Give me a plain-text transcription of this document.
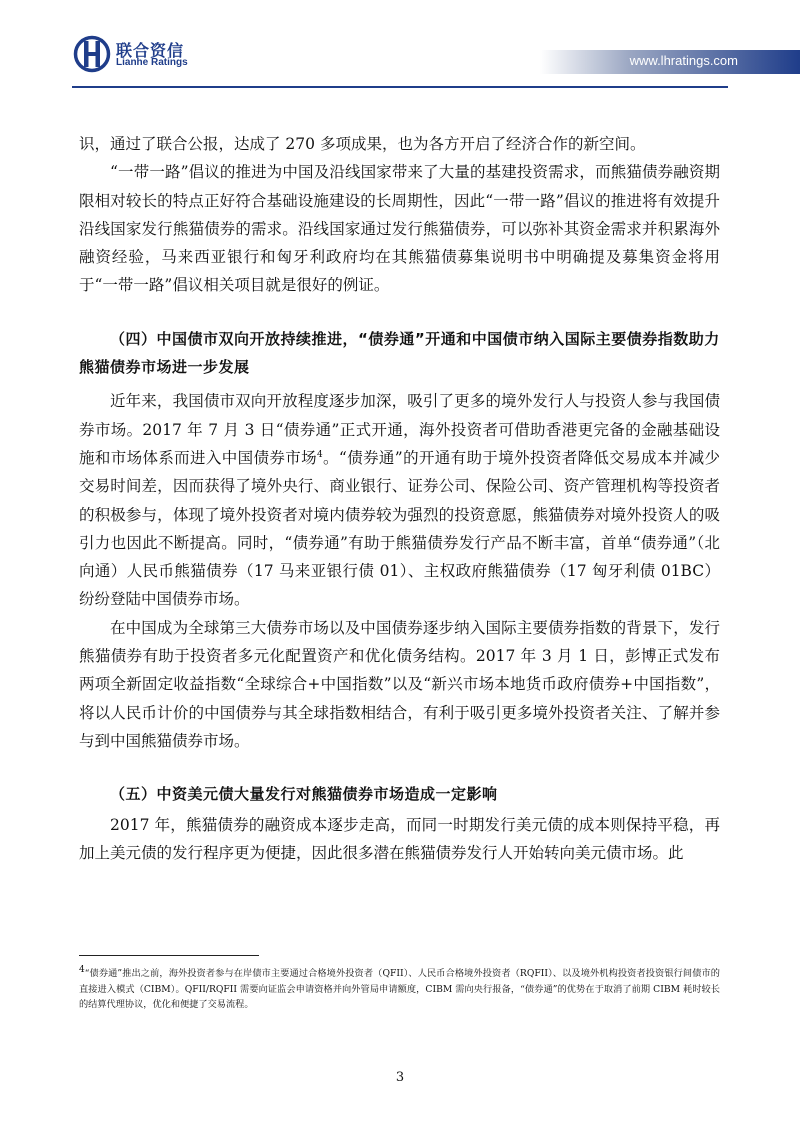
联合资信
Lianhe Ratings	www.lhratings.com

识，通过了联合公报，达成了 270 多项成果，也为各方开启了经济合作的新空间。

“一带一路”倡议的推进为中国及沿线国家带来了大量的基建投资需求，而熊猫债券融资期限相对较长的特点正好符合基础设施建设的长周期性，因此“一带一路”倡议的推进将有效提升沿线国家发行熊猫债券的需求。沿线国家通过发行熊猫债券，可以弥补其资金需求并积累海外融资经验，马来西亚银行和匈牙利政府均在其熊猫债募集说明书中明确提及募集资金将用于“一带一路”倡议相关项目就是很好的例证。

（四）中国债市双向开放持续推进，“债券通”开通和中国债市纳入国际主要债券指数助力熊猫债券市场进一步发展

近年来，我国债市双向开放程度逐步加深，吸引了更多的境外发行人与投资人参与我国债券市场。2017 年 7 月 3 日“债券通”正式开通，海外投资者可借助香港更完备的金融基础设施和市场体系而进入中国债券市场$^4$。“债券通”的开通有助于境外投资者降低交易成本并减少交易时间差，因而获得了境外央行、商业银行、证券公司、保险公司、资产管理机构等投资者的积极参与，体现了境外投资者对境内债券较为强烈的投资意愿，熊猫债券对境外投资人的吸引力也因此不断提高。同时，“债券通”有助于熊猫债券发行产品不断丰富，首单“债券通”（北向通）人民币熊猫债券（17 马来亚银行债 01）、主权政府熊猫债券（17 匈牙利债 01BC）纷纷登陆中国债券市场。

在中国成为全球第三大债券市场以及中国债券逐步纳入国际主要债券指数的背景下，发行熊猫债券有助于投资者多元化配置资产和优化债务结构。2017 年 3 月 1 日，彭博正式发布两项全新固定收益指数“全球综合+中国指数”以及“新兴市场本地货币政府债券+中国指数”，将以人民币计价的中国债券与其全球指数相结合，有利于吸引更多境外投资者关注、了解并参与到中国熊猫债券市场。

（五）中资美元债大量发行对熊猫债券市场造成一定影响

2017 年，熊猫债券的融资成本逐步走高，而同一时期发行美元债的成本则保持平稳，再加上美元债的发行程序更为便捷，因此很多潜在熊猫债券发行人开始转向美元债市场。此

$^4$“债券通”推出之前，海外投资者参与在岸债市主要通过合格境外投资者（QFII）、人民币合格境外投资者（RQFII）、以及境外机构投资者投资银行间债市的直接进入模式（CIBM）。QFII/RQFII 需要向证监会申请资格并向外管局申请额度，CIBM 需向央行报备，“债券通”的优势在于取消了前期 CIBM 耗时较长的结算代理协议，优化和便捷了交易流程。

3
